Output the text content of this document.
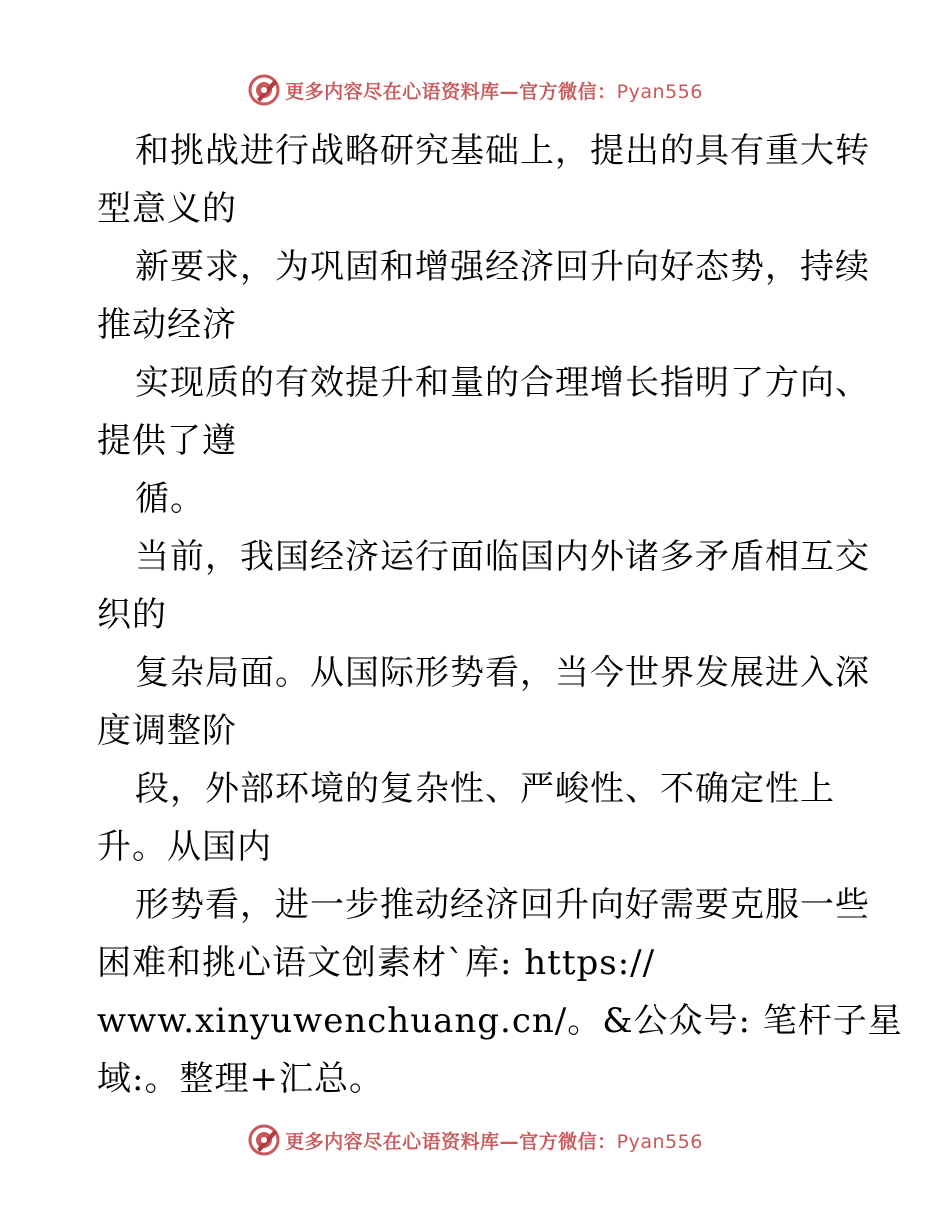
更多内容尽在心语资料库—官方微信：Pyan556
和挑战进行战略研究基础上，提出的具有重大转
型意义的
新要求，为巩固和增强经济回升向好态势，持续
推动经济
实现质的有效提升和量的合理增长指明了方向、
提供了遵
循。
当前，我国经济运行面临国内外诸多矛盾相互交
织的
复杂局面。从国际形势看，当今世界发展进入深
度调整阶
段，外部环境的复杂性、严峻性、不确定性上
升。从国内
形势看，进一步推动经济回升向好需要克服一些
困难和挑心语文创素材`库: https://
www.xinyuwenchuang.cn/。&公众号: 笔杆子星
域:。整理+汇总。
更多内容尽在心语资料库—官方微信：Pyan556
